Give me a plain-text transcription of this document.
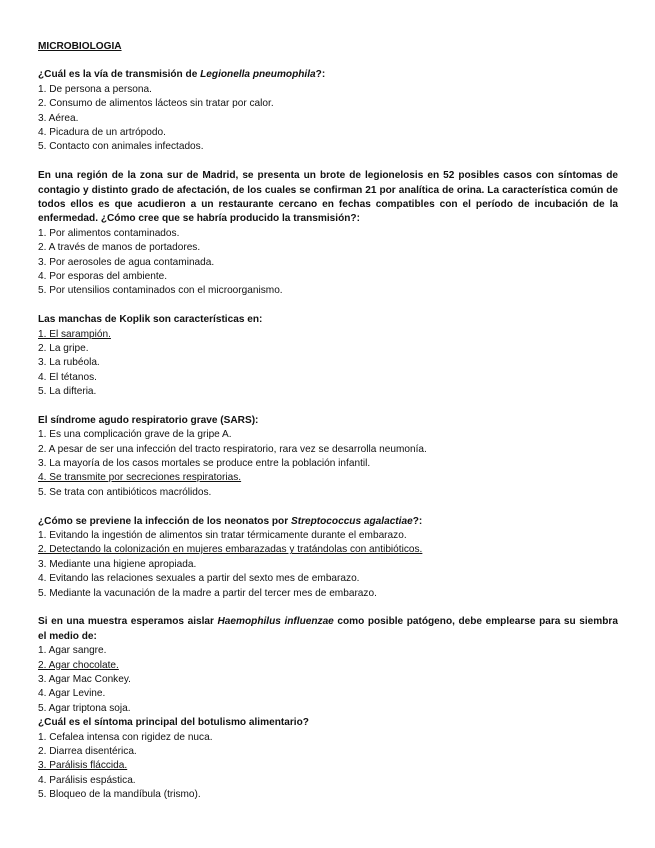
MICROBIOLOGIA

¿Cuál es la vía de transmisión de Legionella pneumophila?:

1. De persona a persona.
2. Consumo de alimentos lácteos sin tratar por calor.
3. Aérea.
4. Picadura de un artrópodo.
5. Contacto con animales infectados.

En una región de la zona sur de Madrid, se presenta un brote de legionelosis en 52 posibles casos con síntomas de contagio y distinto grado de afectación, de los cuales se confirman 21 por analítica de orina. La característica común de todos ellos es que acudieron a un restaurante cercano en fechas compatibles con el período de incubación de la enfermedad. ¿Cómo cree que se habría producido la transmisión?:

1. Por alimentos contaminados.
2. A través de manos de portadores.
3. Por aerosoles de agua contaminada.
4. Por esporas del ambiente.
5. Por utensilios contaminados con el microorganismo.

Las manchas de Koplik son características en:

1. El sarampión.
2. La gripe.
3. La rubéola.
4. El tétanos.
5. La difteria.

El síndrome agudo respiratorio grave (SARS):

1. Es una complicación grave de la gripe A.
2. A pesar de ser una infección del tracto respiratorio, rara vez se desarrolla neumonía.
3. La mayoría de los casos mortales se produce entre la población infantil.
4. Se transmite por secreciones respiratorias.
5. Se trata con antibióticos macrólidos.

¿Cómo se previene la infección de los neonatos por Streptococcus agalactiae?:

1. Evitando la ingestión de alimentos sin tratar térmicamente durante el embarazo.
2. Detectando la colonización en mujeres embarazadas y tratándolas con antibióticos.
3. Mediante una higiene apropiada.
4. Evitando las relaciones sexuales a partir del sexto mes de embarazo.
5. Mediante la vacunación de la madre a partir del tercer mes de embarazo.

Si en una muestra esperamos aislar Haemophilus influenzae como posible patógeno, debe emplearse para su siembra el medio de:

1. Agar sangre.
2. Agar chocolate.
3. Agar Mac Conkey.
4. Agar Levine.
5. Agar triptona soja.

¿Cuál es el síntoma principal del botulismo alimentario?

1. Cefalea intensa con rigidez de nuca.
2. Diarrea disentérica.
3. Parálisis fláccida.
4. Parálisis espástica.
5. Bloqueo de la mandíbula (trismo).
